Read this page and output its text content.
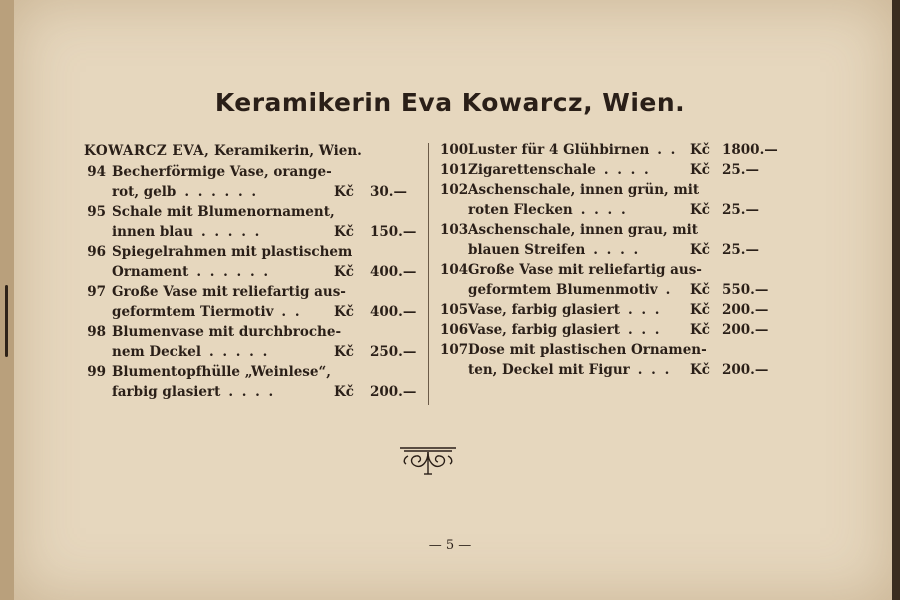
Keramikerin Eva Kowarcz, Wien.
KOWARCZ EVA, Keramikerin, Wien.
94 Becherförmige Vase, orange-
rot, gelb . . . . . .	Kč 30.—
95 Schale mit Blumenornament,
innen blau . . . . .	Kč 150.—
96 Spiegelrahmen mit plastischem
Ornament . . . . . .	Kč 400.—
97 Große Vase mit reliefartig aus-
geformtem Tiermotiv . . Kč 400.—
98 Blumenvase mit durchbroche-
nem Deckel . . . . .	Kč 250.—
99 Blumentopfhülle „Weinlese“,
farbig glasiert . . . .	Kč 200.—
100 Luster für 4 Glühbirnen . . Kč 1800.—
101 Zigarettenschale . . . .	Kč 25.—
102 Aschenschale, innen grün, mit
roten Flecken . . . .	Kč 25.—
103 Aschenschale, innen grau, mit
blauen Streifen . . . .	Kč 25.—
104 Große Vase mit reliefartig aus-
geformtem Blumenmotiv . Kč 550.—
105 Vase, farbig glasiert . . . Kč 200.—
106 Vase, farbig glasiert . . . Kč 200.—
107 Dose mit plastischen Ornamen-
ten, Deckel mit Figur . . . Kč 200.—
— 5 —
